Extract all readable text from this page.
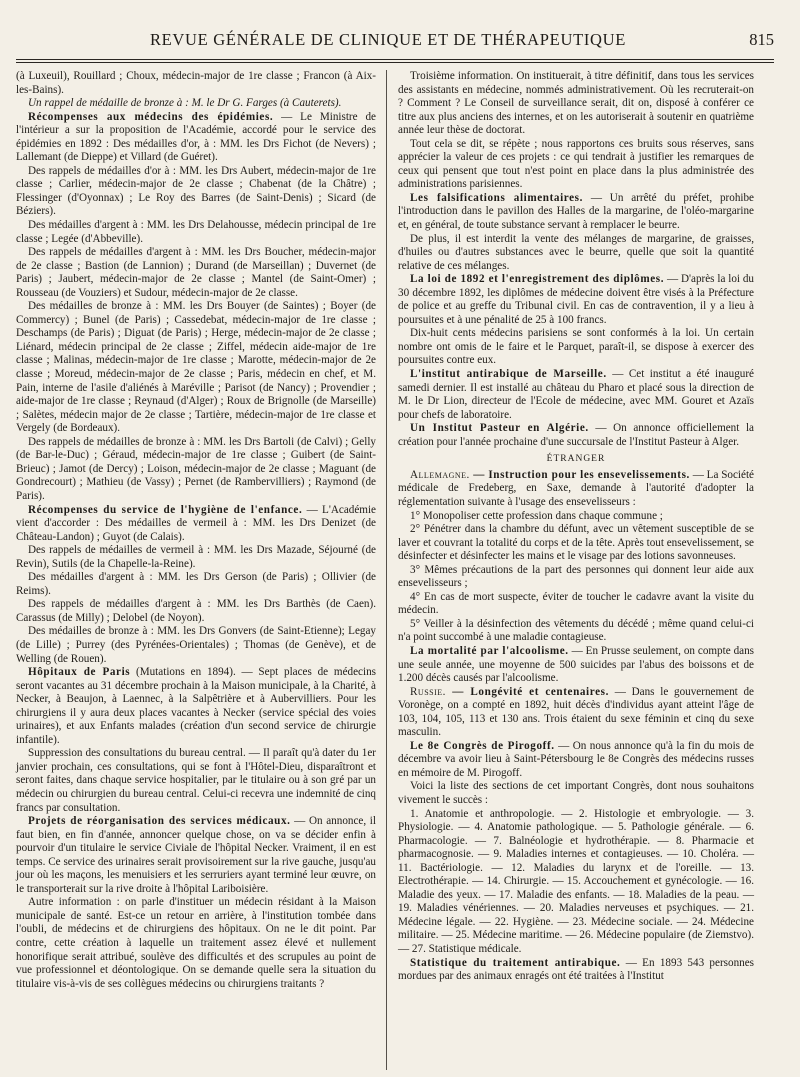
REVUE GÉNÉRALE DE CLINIQUE ET DE THÉRAPEUTIQUE	815

(à Luxeuil), Rouillard ; Choux, médecin-major de 1re classe ; Francon (à Aix-les-Bains).

Un rappel de médaille de bronze à : M. le Dr G. Farges (à Cauterets).

Récompenses aux médecins des épidémies. — Le Ministre de l'intérieur a sur la proposition de l'Académie, accordé pour le service des épidémies en 1892 : Des médailles d'or, à : MM. les Drs Fichot (de Nevers) ; Lallemant (de Dieppe) et Villard (de Guéret).

Des rappels de médailles d'or à : MM. les Drs Aubert, médecin-major de 1re classe ; Carlier, médecin-major de 2e classe ; Chabenat (de la Châtre) ; Flessinger (d'Oyonnax) ; Le Roy des Barres (de Saint-Denis) ; Sicard (de Béziers).

Des médailles d'argent à : MM. les Drs Delahousse, médecin principal de 1re classe ; Legée (d'Abbeville).

Des rappels de médailles d'argent à : MM. les Drs Boucher, médecin-major de 2e classe ; Bastion (de Lannion) ; Durand (de Marseillan) ; Duvernet (de Paris) ; Jaubert, médecin-major de 2e classe ; Mantel (de Saint-Omer) ; Rousseau (de Vouziers) et Sudour, médecin-major de 2e classe.

Des médailles de bronze à : MM. les Drs Bouyer (de Saintes) ; Boyer (de Commercy) ; Bunel (de Paris) ; Cassedebat, médecin-major de 1re classe ; Deschamps (de Paris) ; Diguat (de Paris) ; Herge, médecin-major de 2e classe ; Liénard, médecin principal de 2e classe ; Ziffel, médecin aide-major de 1re classe ; Malinas, médecin-major de 1re classe ; Marotte, médecin-major de 2e classe ; Moreud, médecin-major de 2e classe ; Paris, médecin en chef, et M. Pain, interne de l'asile d'aliénés à Maréville ; Parisot (de Nancy) ; Provendier ; aide-major de 1re classe ; Reynaud (d'Alger) ; Roux de Brignolle (de Marseille) ; Salètes, médecin major de 2e classe ; Tartière, médecin-major de 1re classe et Vergely (de Bordeaux).

Des rappels de médailles de bronze à : MM. les Drs Bartoli (de Calvi) ; Gelly (de Bar-le-Duc) ; Géraud, médecin-major de 1re classe ; Guibert (de Saint-Brieuc) ; Jamot (de Dercy) ; Loison, médecin-major de 2e classe ; Maguant (de Gondrecourt) ; Mathieu (de Vassy) ; Pernet (de Rambervilliers) ; Raymond (de Paris).

Récompenses du service de l'hygiène de l'enfance. — L'Académie vient d'accorder : Des médailles de vermeil à : MM. les Drs Denizet (de Château-Landon) ; Guyot (de Calais).

Des rappels de médailles de vermeil à : MM. les Drs Mazade, Séjourné (de Revin), Sutils (de la Chapelle-la-Reine).

Des médailles d'argent à : MM. les Drs Gerson (de Paris) ; Ollivier (de Reims).

Des rappels de médailles d'argent à : MM. les Drs Barthès (de Caen). Carassus (de Milly) ; Delobel (de Noyon).

Des médailles de bronze à : MM. les Drs Gonvers (de Saint-Etienne); Legay (de Lille) ; Purrey (des Pyrénées-Orientales) ; Thomas (de Genève), et de Welling (de Rouen).

Hôpitaux de Paris (Mutations en 1894). — Sept places de médecins seront vacantes au 31 décembre prochain à la Maison municipale, à la Charité, à Necker, à Beaujon, à Laennec, à la Salpêtrière et à Aubervilliers. Pour les chirurgiens il y aura deux places vacantes à Necker (service spécial des voies urinaires), et aux Enfants malades (création d'un second service de chirurgie infantile).

Suppression des consultations du bureau central. — Il paraît qu'à dater du 1er janvier prochain, ces consultations, qui se font à l'Hôtel-Dieu, disparaîtront et seront faites, dans chaque service hospitalier, par le titulaire ou à son gré par un médecin ou chirurgien du bureau central. Celui-ci recevra une indemnité de cinq francs par consultation.

Projets de réorganisation des services médicaux. — On annonce, il faut bien, en fin d'année, annoncer quelque chose, on va se décider enfin à pourvoir d'un titulaire le service Civiale de l'hôpital Necker. Vraiment, il en est temps. Ce service des urinaires serait provisoirement sur la rive gauche, jusqu'au jour où les maçons, les menuisiers et les serruriers ayant terminé leur œuvre, on le transporterait sur la rive droite à l'hôpital Lariboisière.

Autre information : on parle d'instituer un médecin résidant à la Maison municipale de santé. Est-ce un retour en arrière, à l'institution tombée dans l'oubli, de médecins et de chirurgiens des hôpitaux. On ne le dit point. Par contre, cette création à laquelle un traitement assez élevé et nullement honorifique serait attribué, soulève des difficultés et des scrupules au point de vue professionnel et déontologique. On se demande quelle sera la situation du titulaire vis-à-vis de ses collègues médecins ou chirurgiens traitants ?

Troisième information. On instituerait, à titre définitif, dans tous les services des assistants en médecine, nommés administrativement. Où les recruterait-on ? Comment ? Le Conseil de surveillance serait, dit on, disposé à conférer ce titre aux plus anciens des internes, et on les autoriserait à soutenir en quatrième année leur thèse de doctorat.

Tout cela se dit, se répète ; nous rapportons ces bruits sous réserves, sans apprécier la valeur de ces projets : ce qui tendrait à justifier les remarques de ceux qui pensent que tout n'est point en place dans la plus administrée des administrations parisiennes.

Les falsifications alimentaires. — Un arrêté du préfet, prohibe l'introduction dans le pavillon des Halles de la margarine, de l'oléo-margarine et, en général, de toute substance servant à remplacer le beurre.

De plus, il est interdit la vente des mélanges de margarine, de graisses, d'huiles ou d'autres substances avec le beurre, quelle que soit la quantité relative de ces mélanges.

La loi de 1892 et l'enregistrement des diplômes. — D'après la loi du 30 décembre 1892, les diplômes de médecine doivent être visés à la Préfecture de police et au greffe du Tribunal civil. En cas de contravention, il y a lieu à poursuites et à une pénalité de 25 à 100 francs.

Dix-huit cents médecins parisiens se sont conformés à la loi. Un certain nombre ont omis de le faire et le Parquet, paraît-il, se dispose à exercer des poursuites contre eux.

L'institut antirabique de Marseille. — Cet institut a été inauguré samedi dernier. Il est installé au château du Pharo et placé sous la direction de M. le Dr Lion, directeur de l'Ecole de médecine, avec MM. Gouret et Azaïs pour chefs de laboratoire.

Un Institut Pasteur en Algérie. — On annonce officiellement la création pour l'année prochaine d'une succursale de l'Institut Pasteur à Alger.

ÉTRANGER

Allemagne. — Instruction pour les ensevelissements. — La Société médicale de Fredeberg, en Saxe, demande à l'autorité d'adopter la réglementation suivante à l'usage des ensevelisseurs :

1° Monopoliser cette profession dans chaque commune ;

2° Pénétrer dans la chambre du défunt, avec un vêtement susceptible de se laver et couvrant la totalité du corps et de la tête. Après tout ensevelissement, se désinfecter et désinfecter les mains et le visage par des lotions savonneuses.

3° Mêmes précautions de la part des personnes qui donnent leur aide aux ensevelisseurs ;

4° En cas de mort suspecte, éviter de toucher le cadavre avant la visite du médecin.

5° Veiller à la désinfection des vêtements du décédé ; même quand celui-ci n'a point succombé à une maladie contagieuse.

La mortalité par l'alcoolisme. — En Prusse seulement, on compte dans une seule année, une moyenne de 500 suicides par l'abus des boissons et de 1.200 décès causés par l'alcoolisme.

Russie. — Longévité et centenaires. — Dans le gouvernement de Voronège, on a compté en 1892, huit décès d'individus ayant atteint l'âge de 103, 104, 105, 113 et 130 ans. Trois étaient du sexe féminin et cinq du sexe masculin.

Le 8e Congrès de Pirogoff. — On nous annonce qu'à la fin du mois de décembre va avoir lieu à Saint-Pétersbourg le 8e Congrès des médecins russes en mémoire de M. Pirogoff.

Voici la liste des sections de cet important Congrès, dont nous souhaitons vivement le succès :

1. Anatomie et anthropologie. — 2. Histologie et embryologie. — 3. Physiologie. — 4. Anatomie pathologique. — 5. Pathologie générale. — 6. Pharmacologie. — 7. Balnéologie et hydrothérapie. — 8. Pharmacie et pharmacognosie. — 9. Maladies internes et contagieuses. — 10. Choléra. — 11. Bactériologie. — 12. Maladies du larynx et de l'oreille. — 13. Electrothérapie. — 14. Chirurgie. — 15. Accouchement et gynécologie. — 16. Maladie des yeux. — 17. Maladie des enfants. — 18. Maladies de la peau. — 19. Maladies vénériennes. — 20. Maladies nerveuses et psychiques. — 21. Médecine légale. — 22. Hygiène. — 23. Médecine sociale. — 24. Médecine militaire. — 25. Médecine maritime. — 26. Médecine populaire (de Ziemstvo). — 27. Statistique médicale.

Statistique du traitement antirabique. — En 1893 543 personnes mordues par des animaux enragés ont été traitées à l'Institut
